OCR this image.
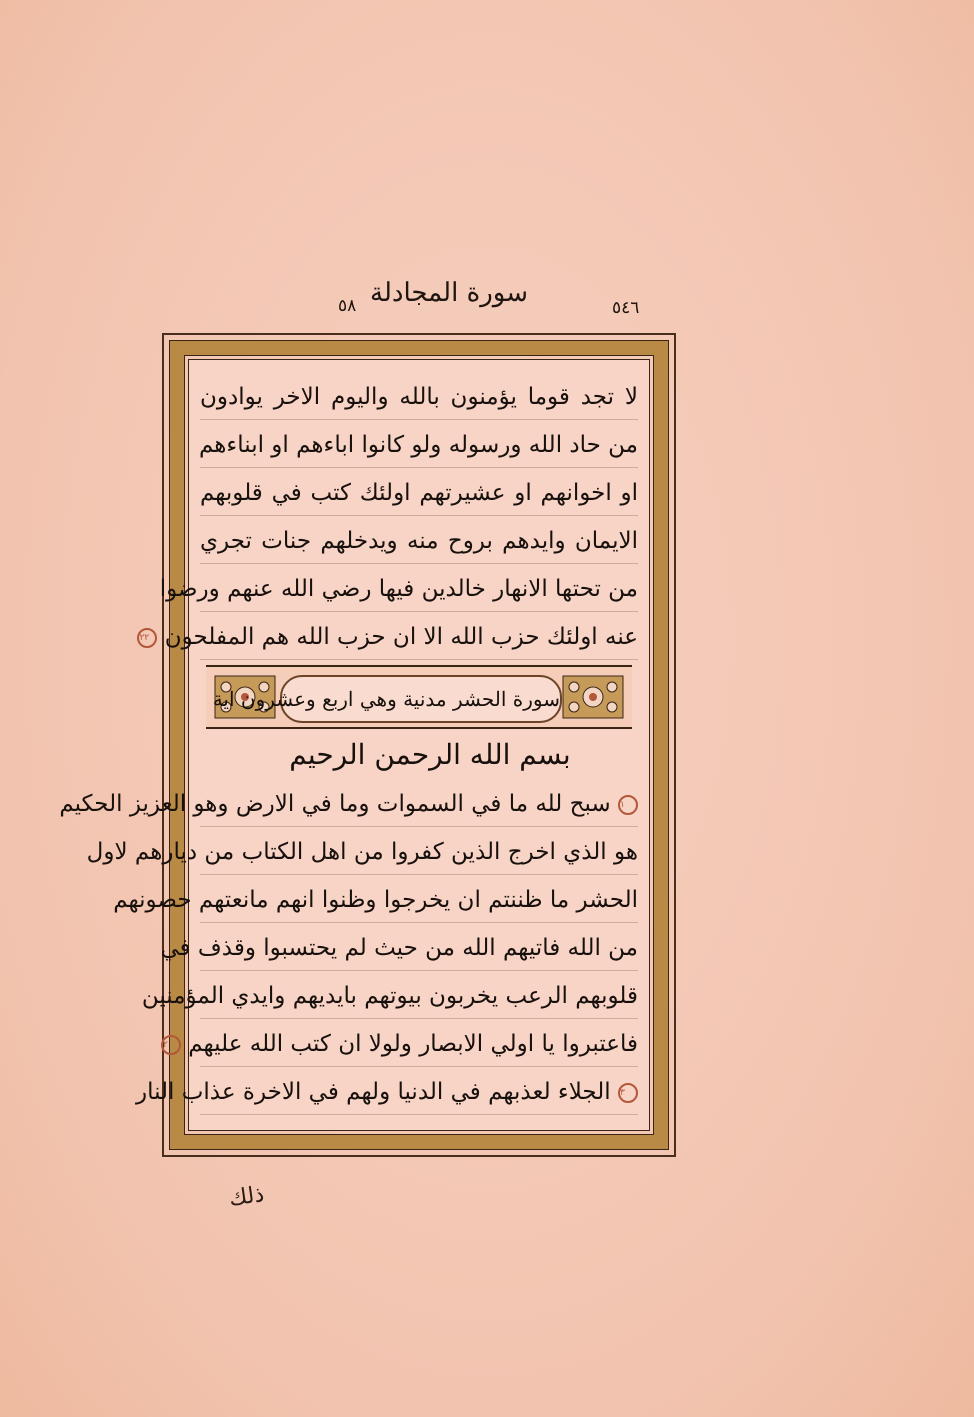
٥٤٦
سورة المجادلة
٥٨
لا تجد قوما يؤمنون بالله واليوم الاخر يوادون
من حاد الله ورسوله ولو كانوا اباءهم او ابناءهم
او اخوانهم او عشيرتهم اولئك كتب في قلوبهم
الايمان وايدهم بروح منه ويدخلهم جنات تجري
من تحتها الانهار خالدين فيها رضي الله عنهم ورضوا
عنه اولئك حزب الله الا ان حزب الله هم المفلحون ٢٢
سورة الحشر مدنية وهي اربع وعشرون اية
بسم الله الرحمن الرحيم
١ سبح لله ما في السموات وما في الارض وهو العزيز الحكيم
هو الذي اخرج الذين كفروا من اهل الكتاب من ديارهم لاول
الحشر ما ظننتم ان يخرجوا وظنوا انهم مانعتهم حصونهم
من الله فاتيهم الله من حيث لم يحتسبوا وقذف في
قلوبهم الرعب يخربون بيوتهم بايديهم وايدي المؤمنين
فاعتبروا يا اولي الابصار ولولا ان كتب الله عليهم ٢
٣ الجلاء لعذبهم في الدنيا ولهم في الاخرة عذاب النار
ذلك
